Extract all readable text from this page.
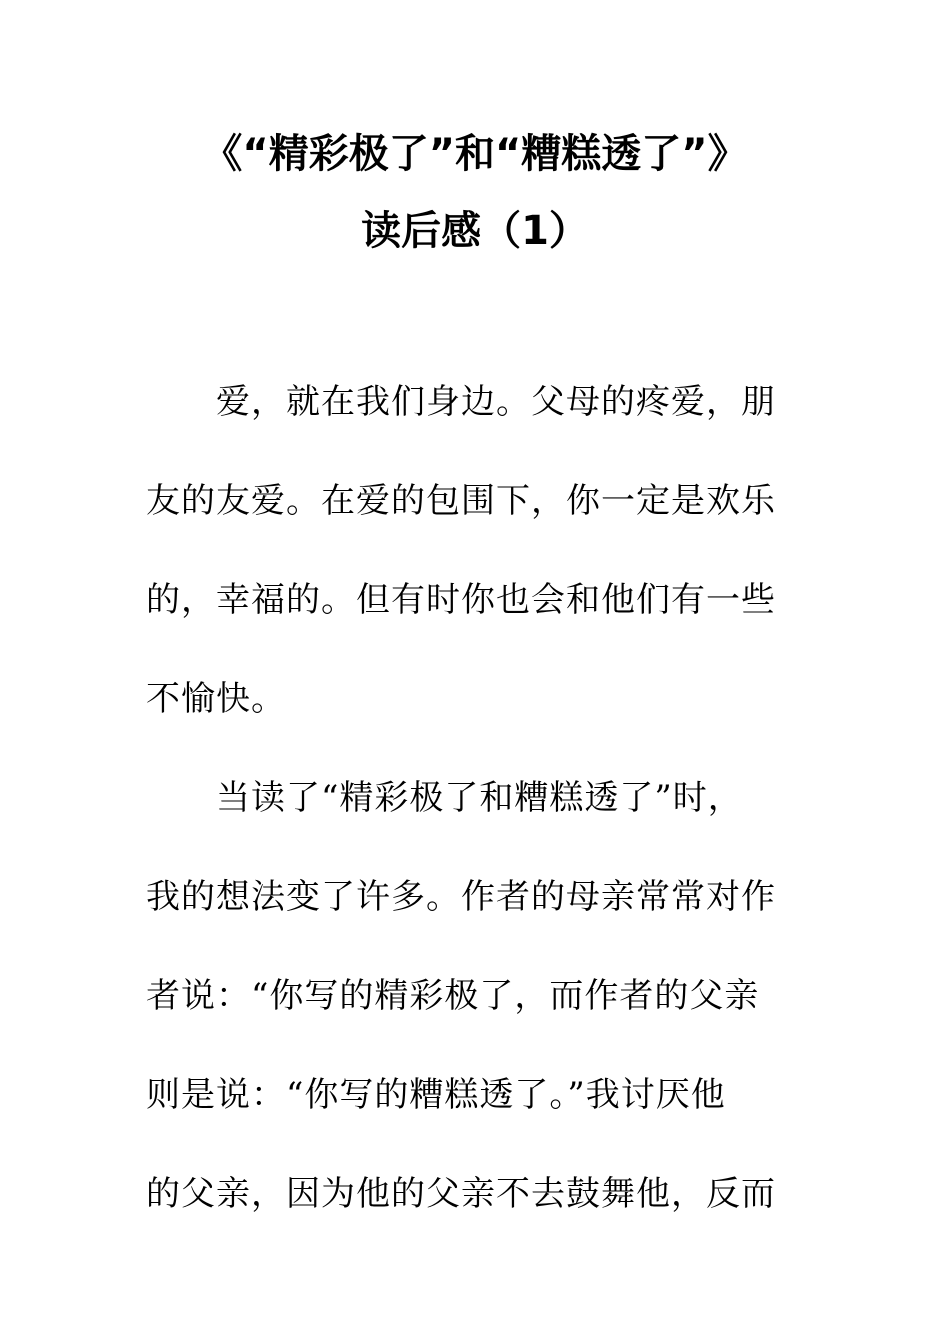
《“精彩极了”和“糟糕透了”》
读后感（1）
爱，就在我们身边。父母的疼爱，朋
友的友爱。在爱的包围下，你一定是欢乐
的，幸福的。但有时你也会和他们有一些
不愉快。
当读了“精彩极了和糟糕透了”时，
我的想法变了许多。作者的母亲常常对作
者说：“你写的精彩极了，而作者的父亲
则是说：“你写的糟糕透了。”我讨厌他
的父亲，因为他的父亲不去鼓舞他，反而
